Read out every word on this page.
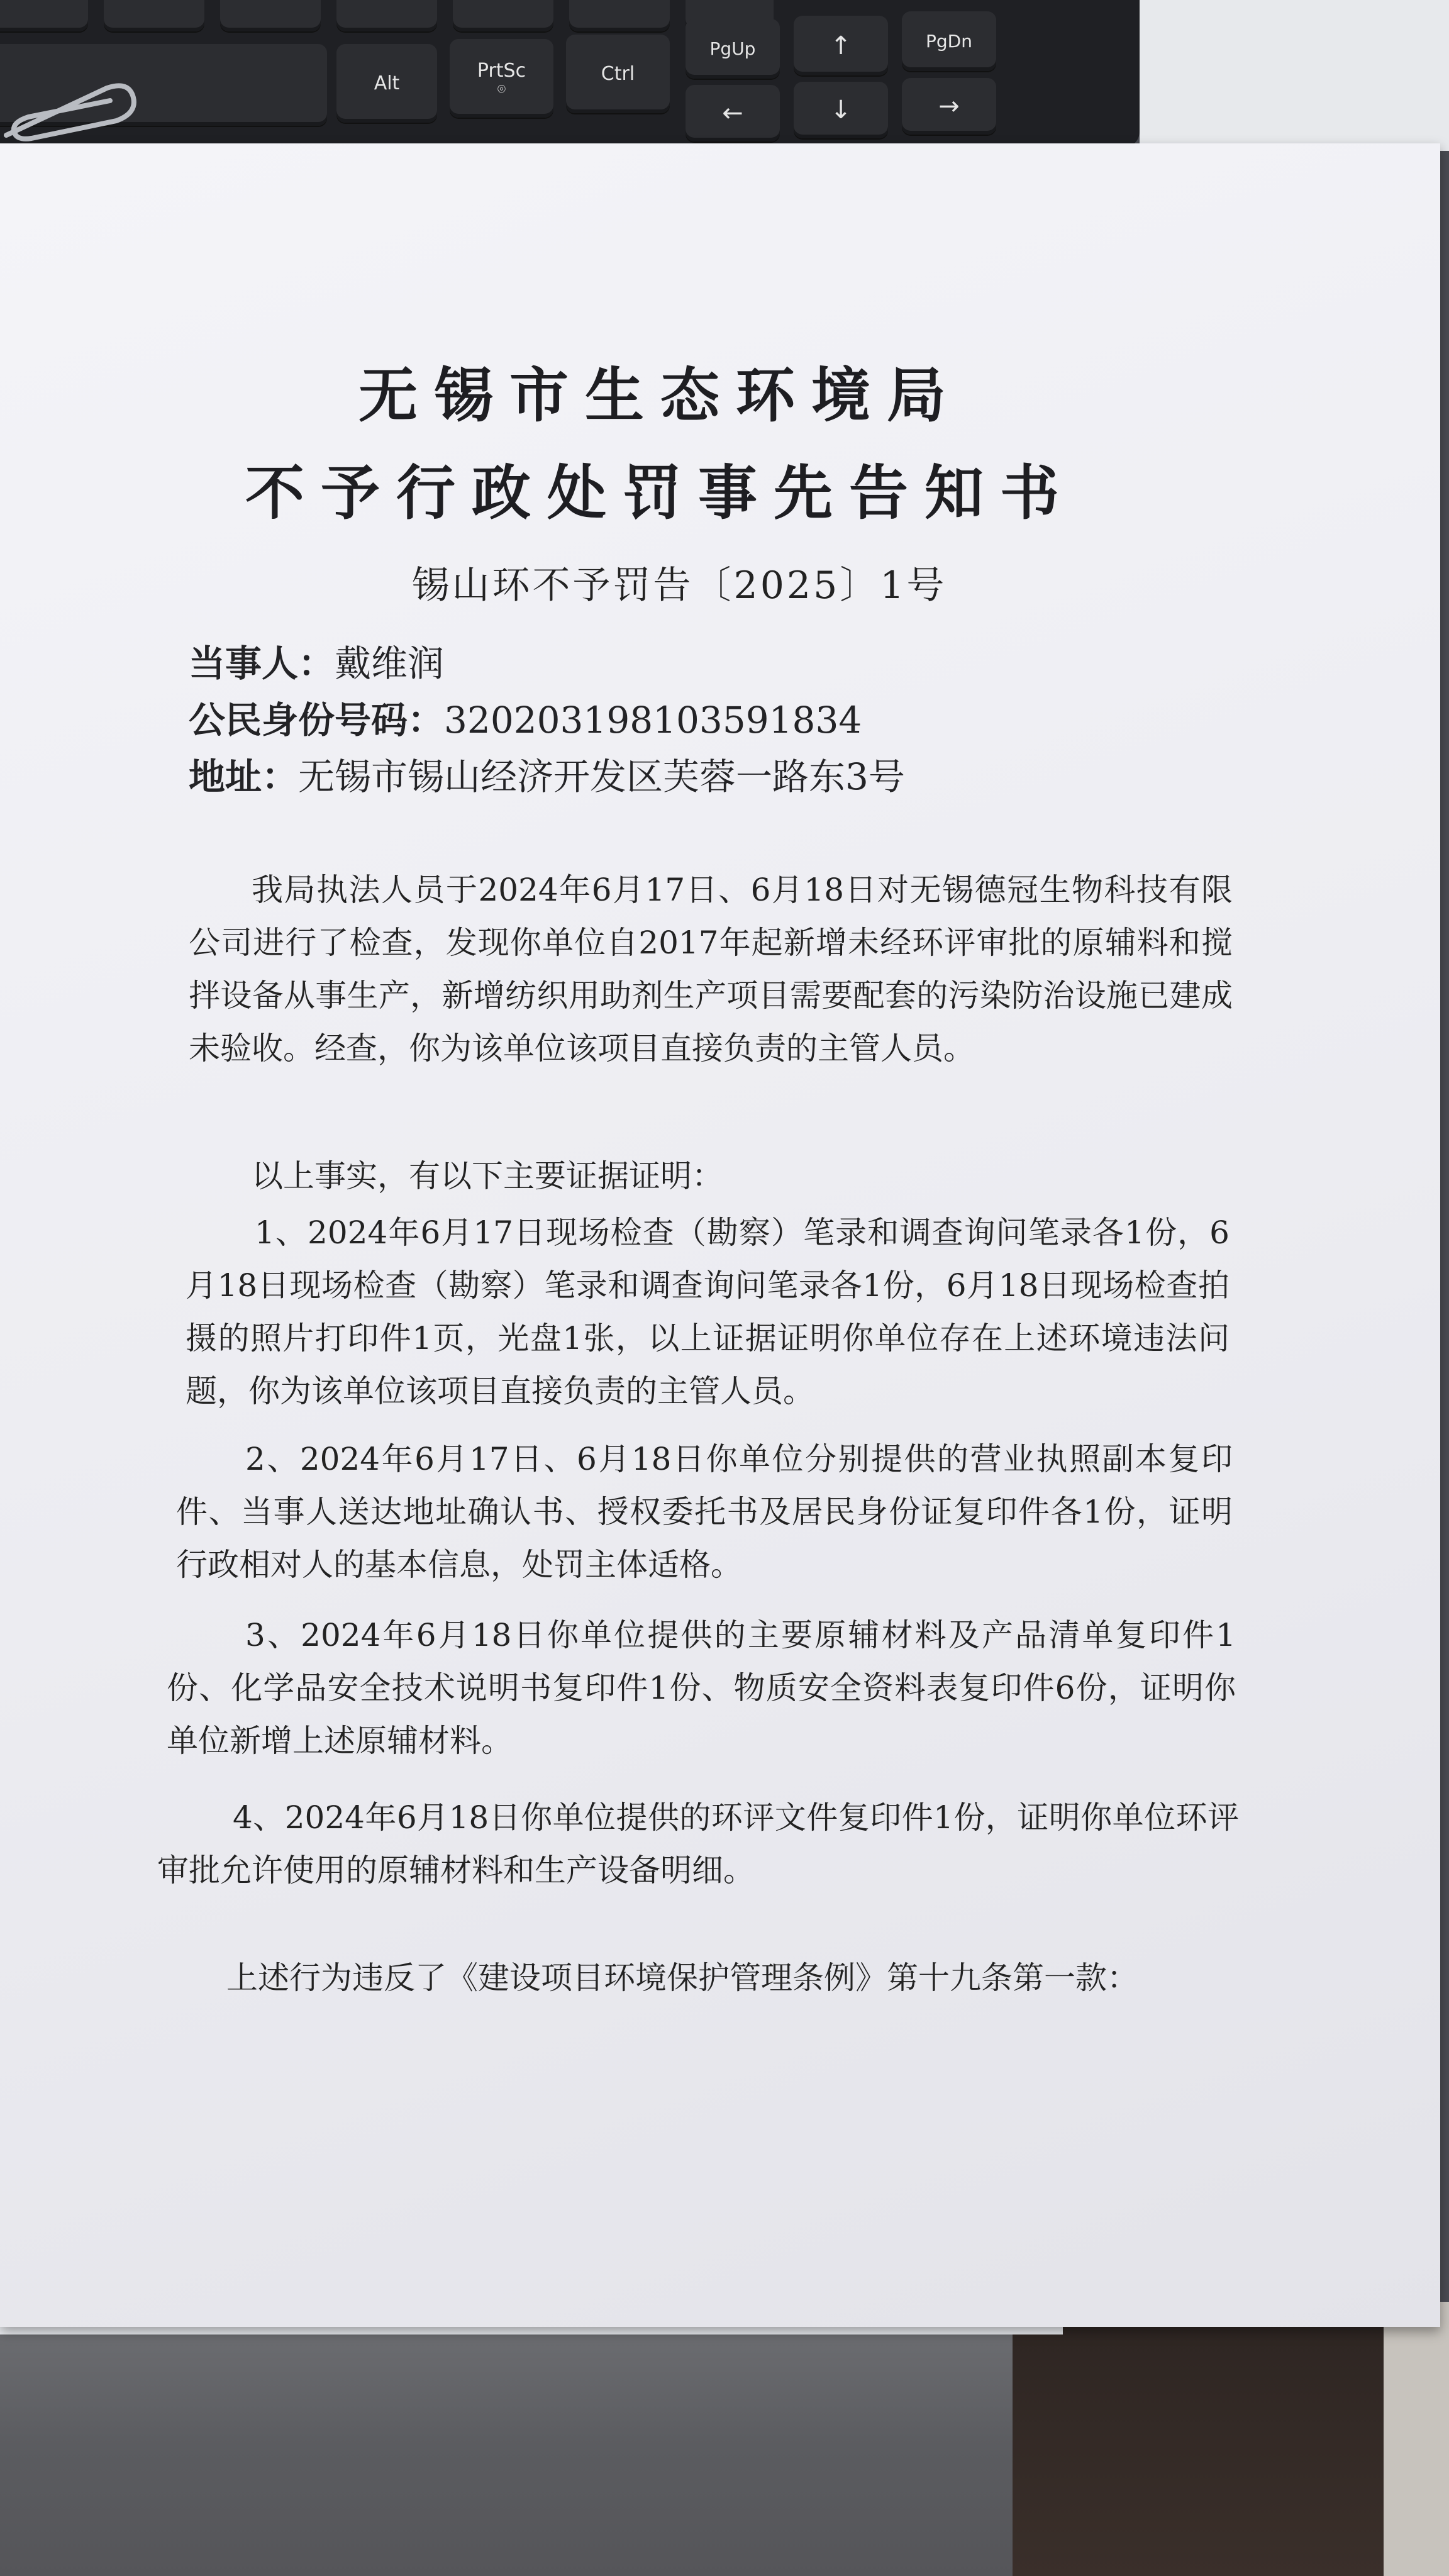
Alt
PrtSc
⌾
Ctrl
PgUp	↑	PgDn
←	↓	→
无锡市生态环境局
不予行政处罚事先告知书
锡山环不予罚告〔2025〕1号
当事人：戴维润
公民身份号码：320203198103591834
地址：无锡市锡山经济开发区芙蓉一路东3号

我局执法人员于2024年6月17日、6月18日对无锡德冠生物科技有限公司进行了检查，发现你单位自2017年起新增未经环评审批的原辅料和搅拌设备从事生产，新增纺织用助剂生产项目需要配套的污染防治设施已建成未验收。经查，你为该单位该项目直接负责的主管人员。

以上事实，有以下主要证据证明：

1、2024年6月17日现场检查（勘察）笔录和调查询问笔录各1份，6月18日现场检查（勘察）笔录和调查询问笔录各1份，6月18日现场检查拍摄的照片打印件1页，光盘1张，以上证据证明你单位存在上述环境违法问题，你为该单位该项目直接负责的主管人员。

2、2024年6月17日、6月18日你单位分别提供的营业执照副本复印件、当事人送达地址确认书、授权委托书及居民身份证复印件各1份，证明行政相对人的基本信息，处罚主体适格。

3、2024年6月18日你单位提供的主要原辅材料及产品清单复印件1份、化学品安全技术说明书复印件1份、物质安全资料表复印件6份，证明你单位新增上述原辅材料。

4、2024年6月18日你单位提供的环评文件复印件1份，证明你单位环评审批允许使用的原辅材料和生产设备明细。

上述行为违反了《建设项目环境保护管理条例》第十九条第一款：
